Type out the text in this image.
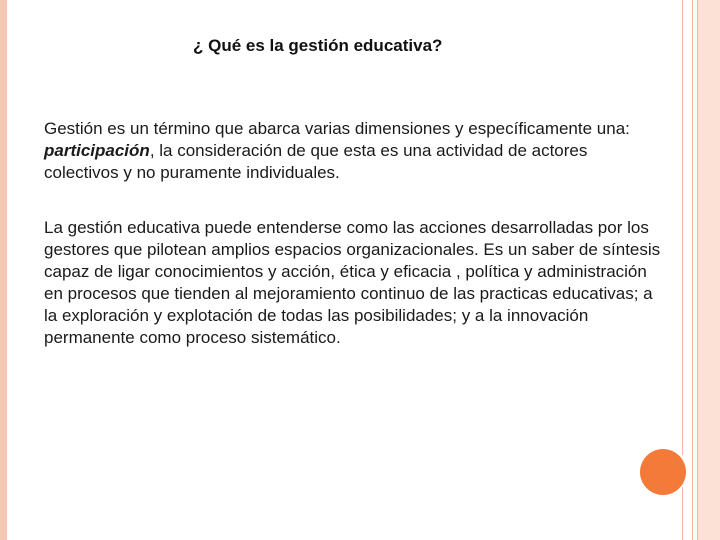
¿ Qué es la gestión educativa?

Gestión es un término que abarca varias dimensiones y específicamente una: participación, la consideración de que esta es una actividad de actores colectivos y no puramente individuales.

La gestión educativa puede entenderse como las acciones desarrolladas por los gestores que pilotean amplios espacios organizacionales. Es un saber de síntesis capaz de ligar conocimientos y acción, ética y eficacia , política y administración en procesos que tienden al mejoramiento continuo de las practicas educativas; a la exploración y explotación de todas las posibilidades; y a la innovación permanente como proceso sistemático.
